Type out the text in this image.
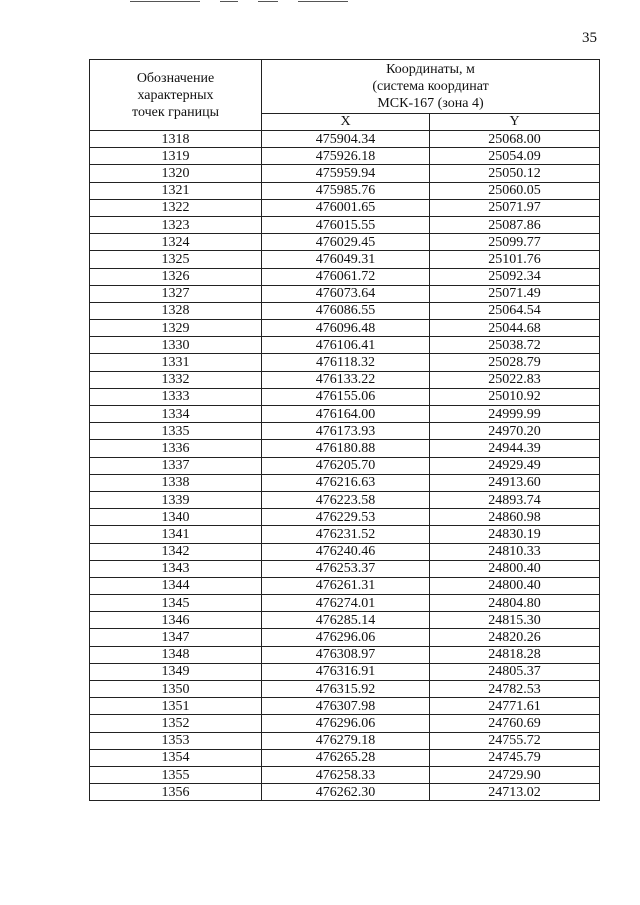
35
Обозначение
характерных
точек границы	Координаты, м
(система координат
МСК-167 (зона 4)	

	X	Y
1318	475904.34	25068.00
1319	475926.18	25054.09
1320	475959.94	25050.12
1321	475985.76	25060.05
1322	476001.65	25071.97
1323	476015.55	25087.86
1324	476029.45	25099.77
1325	476049.31	25101.76
1326	476061.72	25092.34
1327	476073.64	25071.49
1328	476086.55	25064.54
1329	476096.48	25044.68
1330	476106.41	25038.72
1331	476118.32	25028.79
1332	476133.22	25022.83
1333	476155.06	25010.92
1334	476164.00	24999.99
1335	476173.93	24970.20
1336	476180.88	24944.39
1337	476205.70	24929.49
1338	476216.63	24913.60
1339	476223.58	24893.74
1340	476229.53	24860.98
1341	476231.52	24830.19
1342	476240.46	24810.33
1343	476253.37	24800.40
1344	476261.31	24800.40
1345	476274.01	24804.80
1346	476285.14	24815.30
1347	476296.06	24820.26
1348	476308.97	24818.28
1349	476316.91	24805.37
1350	476315.92	24782.53
1351	476307.98	24771.61
1352	476296.06	24760.69
1353	476279.18	24755.72
1354	476265.28	24745.79
1355	476258.33	24729.90
1356	476262.30	24713.02
